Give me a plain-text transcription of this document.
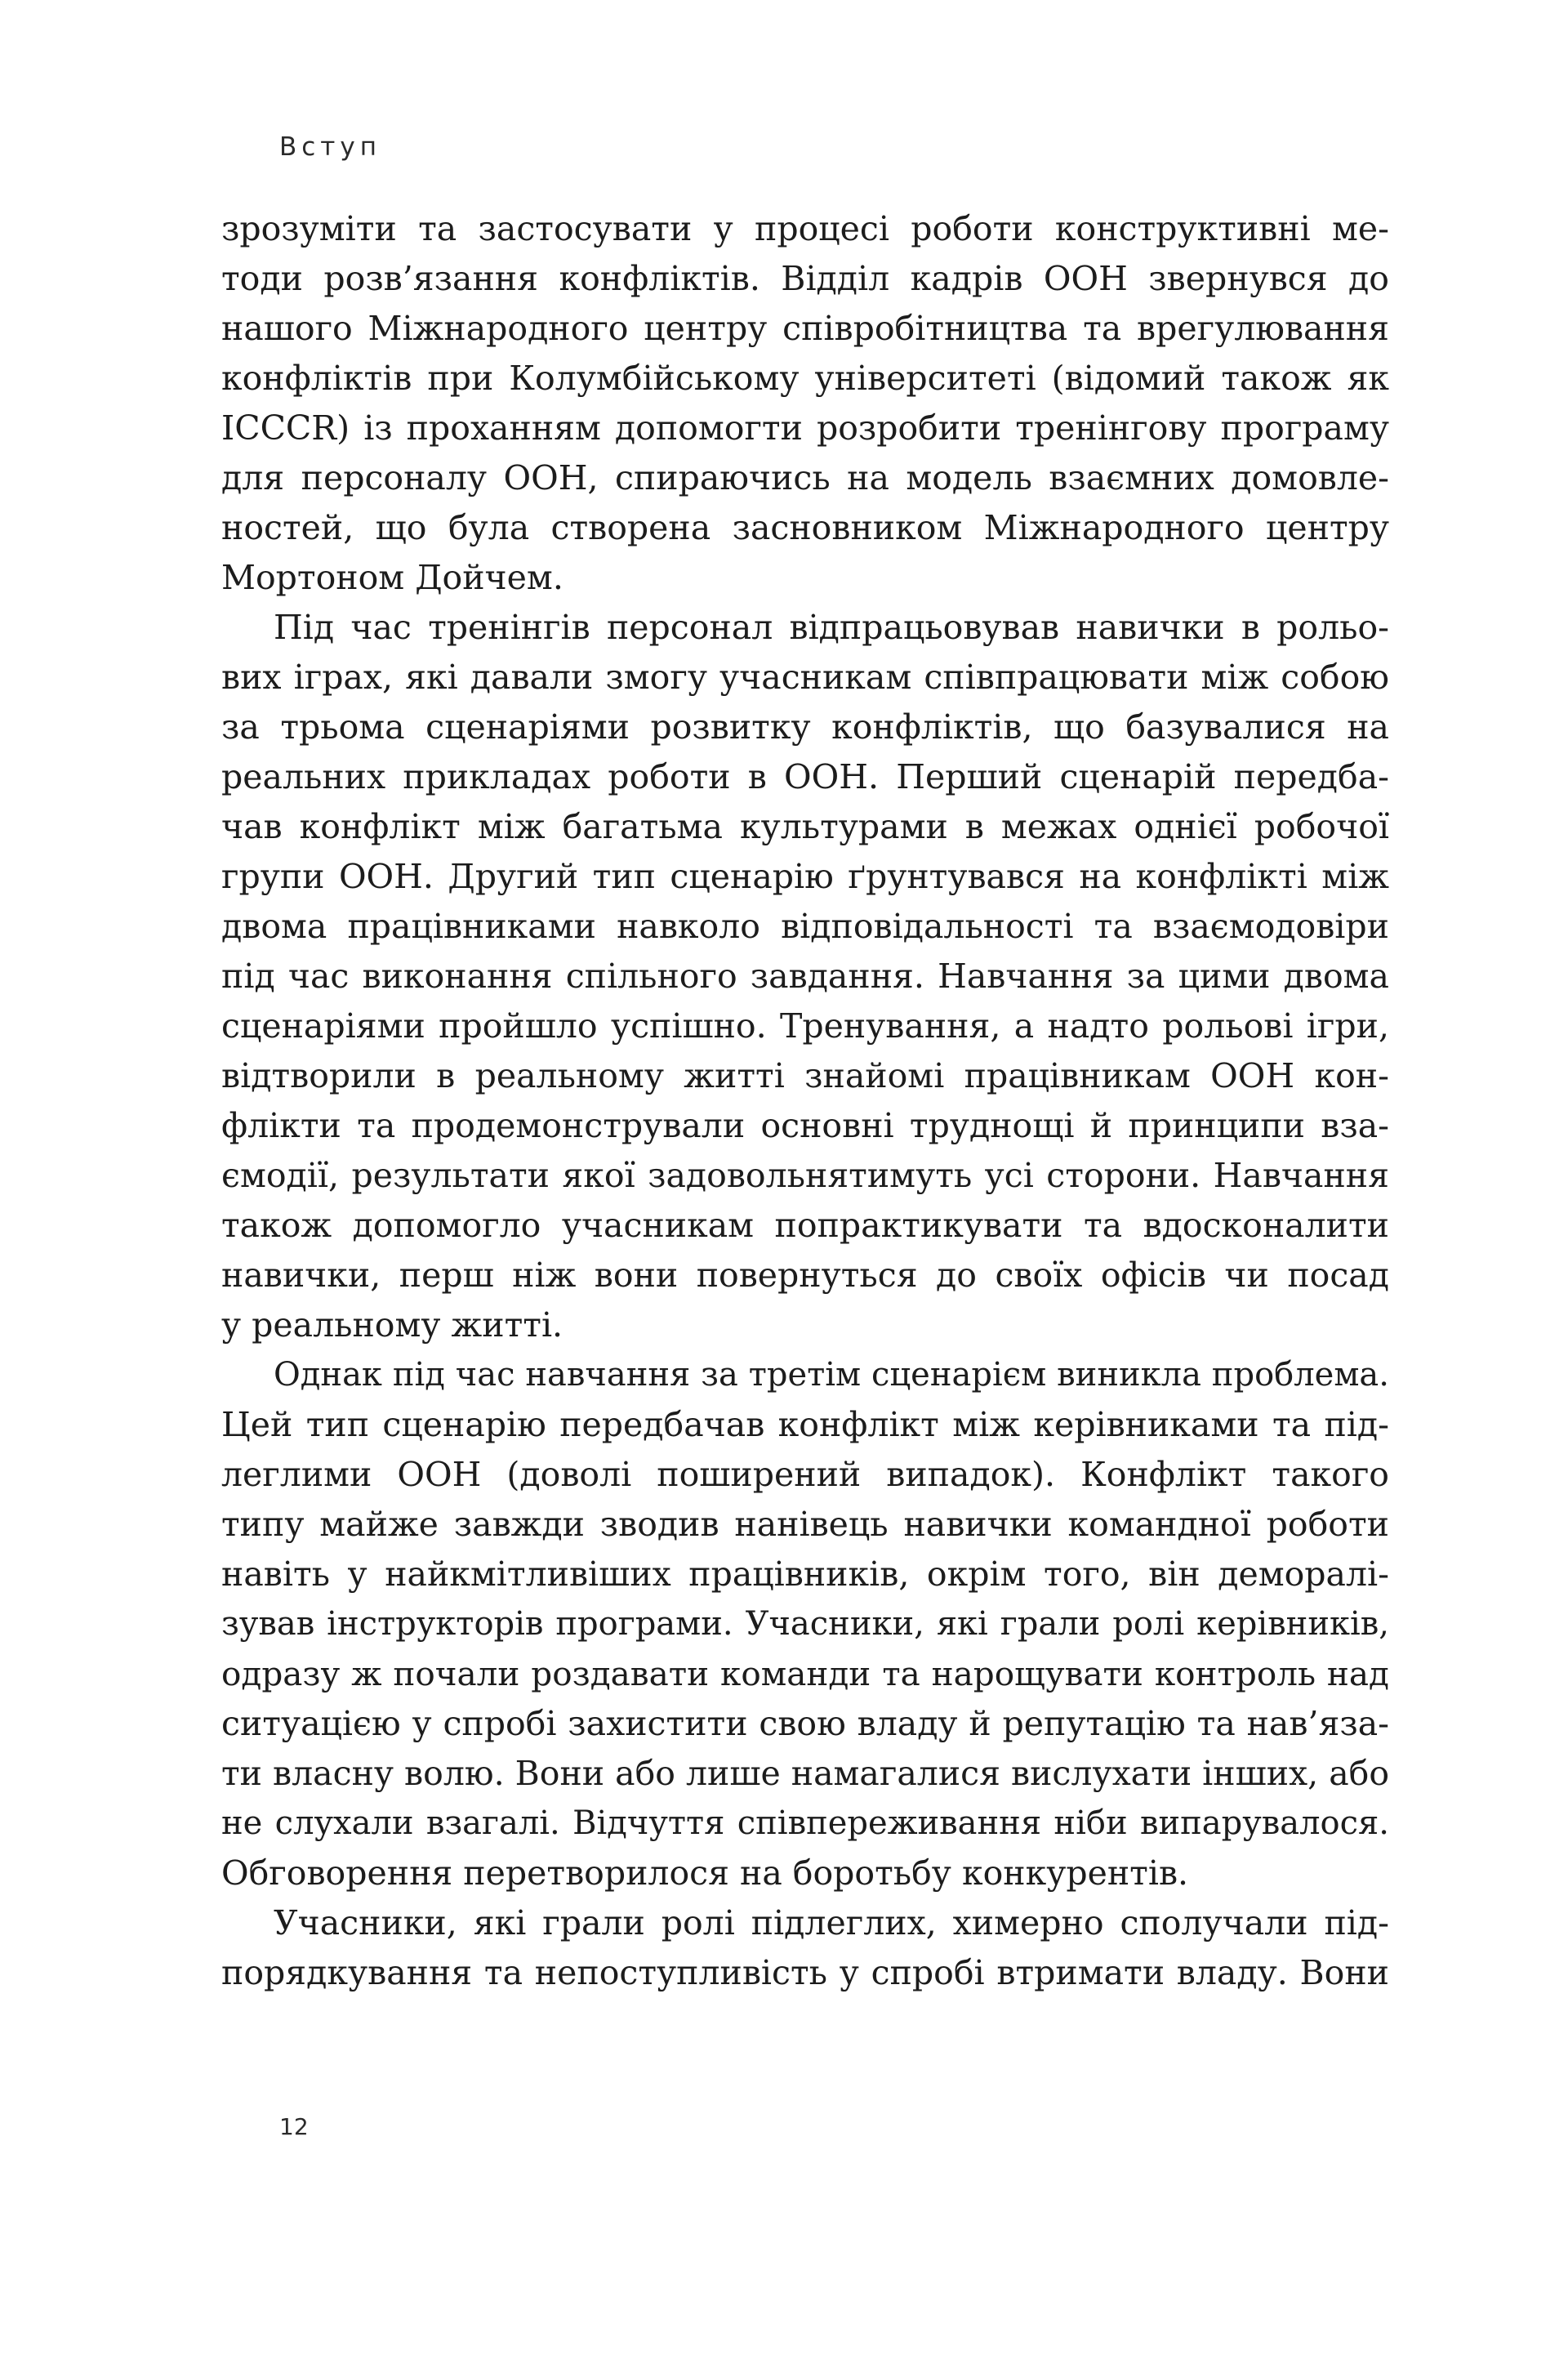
Вступ
зрозуміти та застосувати у процесі роботи конструктивні ме-
тоди розв’язання конфліктів. Відділ кадрів ООН звернувся до
нашого Міжнародного центру співробітництва та врегулювання
конфліктів при Колумбійському університеті (відомий також як
ICCCR) із проханням допомогти розробити тренінгову програму
для персоналу ООН, спираючись на модель взаємних домовле-
ностей, що була створена засновником Міжнародного центру
Мортоном Дойчем.
Під час тренінгів персонал відпрацьовував навички в рольо-
вих іграх, які давали змогу учасникам співпрацювати між собою
за трьома сценаріями розвитку конфліктів, що базувалися на
реальних прикладах роботи в ООН. Перший сценарій передба-
чав конфлікт між багатьма культурами в межах однієї робочої
групи ООН. Другий тип сценарію ґрунтувався на конфлікті між
двома працівниками навколо відповідальності та взаємодовіри
під час виконання спільного завдання. Навчання за цими двома
сценаріями пройшло успішно. Тренування, а надто рольові ігри,
відтворили в реальному житті знайомі працівникам ООН кон-
флікти та продемонстрували основні труднощі й принципи вза-
ємодії, результати якої задовольнятимуть усі сторони. Навчання
також допомогло учасникам попрактикувати та вдосконалити
навички, перш ніж вони повернуться до своїх офісів чи посад
у реальному житті.
Однак під час навчання за третім сценарієм виникла проблема.
Цей тип сценарію передбачав конфлікт між керівниками та під-
леглими ООН (доволі поширений випадок). Конфлікт такого
типу майже завжди зводив нанівець навички командної роботи
навіть у найкмітливіших працівників, окрім того, він деморалі-
зував інструкторів програми. Учасники, які грали ролі керівників,
одразу ж почали роздавати команди та нарощувати контроль над
ситуацією у спробі захистити свою владу й репутацію та нав’яза-
ти власну волю. Вони або лише намагалися вислухати інших, або
не слухали взагалі. Відчуття співпереживання ніби випарувалося.
Обговорення перетворилося на боротьбу конкурентів.
Учасники, які грали ролі підлеглих, химерно сполучали під-
порядкування та непоступливість у спробі втримати владу. Вони
12
